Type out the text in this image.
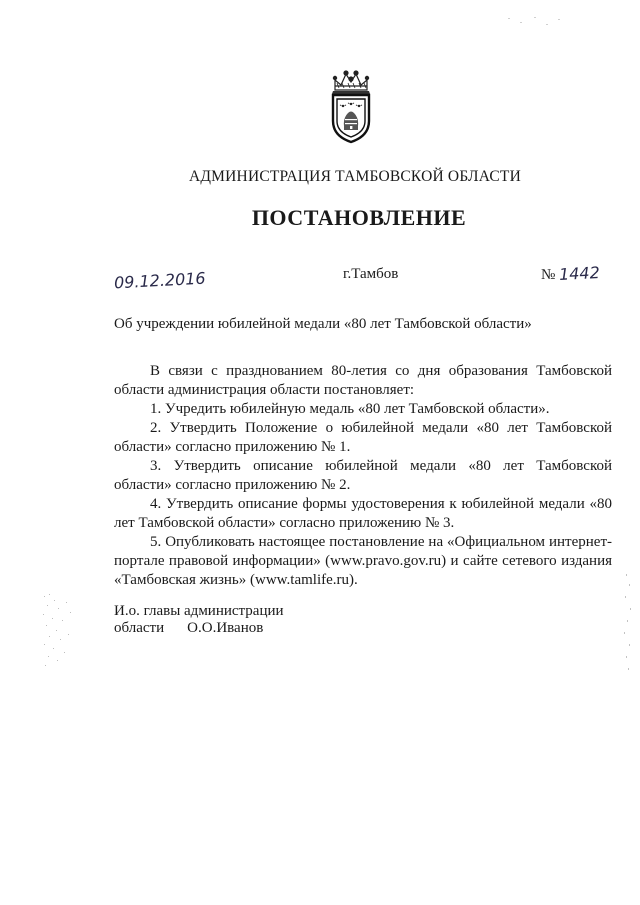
АДМИНИСТРАЦИЯ ТАМБОВСКОЙ ОБЛАСТИ
ПОСТАНОВЛЕНИЕ
09.12.2016	г.Тамбов	№ 1442
Об учреждении юбилейной медали «80 лет Тамбовской области»

В связи с празднованием 80-летия со дня образования Тамбовской области администрация области постановляет:

1. Учредить юбилейную медаль «80 лет Тамбовской области».

2. Утвердить Положение о юбилейной медали «80 лет Тамбовской области» согласно приложению № 1.

3. Утвердить описание юбилейной медали «80 лет Тамбовской области» согласно приложению № 2.

4. Утвердить описание формы удостоверения к юбилейной медали «80 лет Тамбовской области» согласно приложению № 3.

5. Опубликовать настоящее постановление на «Официальном интернет-портале правовой информации» (www.pravo.gov.ru) и сайте сетевого издания «Тамбовская жизнь» (www.tamlife.ru).

И.о. главы администрации
области О.О.Иванов
